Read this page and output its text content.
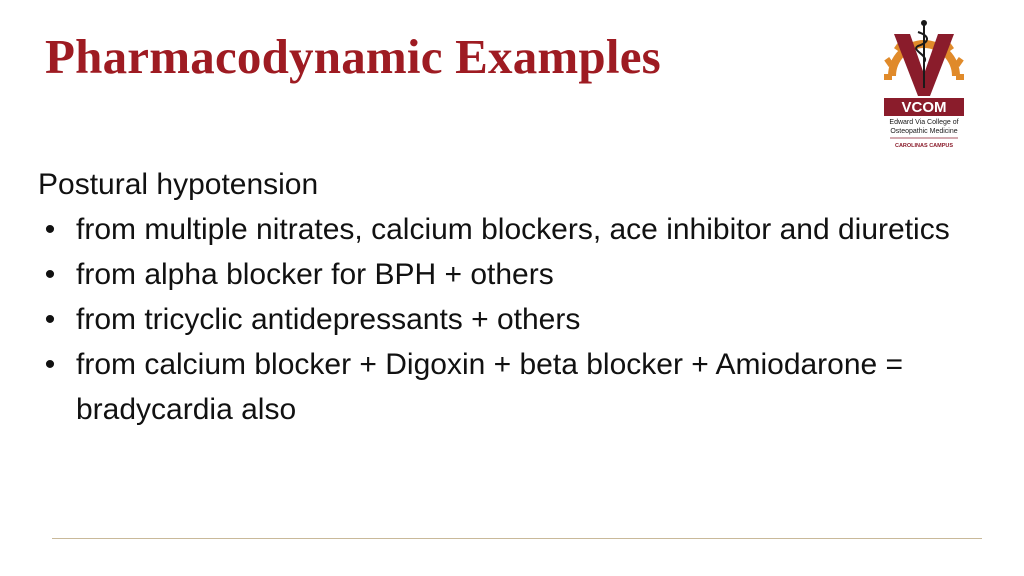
Pharmacodynamic Examples
VCOM
Edward Via College of
Osteopathic Medicine
CAROLINAS CAMPUS

Postural hypotension

• from multiple nitrates, calcium blockers, ace inhibitor and diuretics
• from alpha blocker for BPH + others
• from tricyclic antidepressants + others
• from calcium blocker + Digoxin + beta blocker + Amiodarone = bradycardia also
